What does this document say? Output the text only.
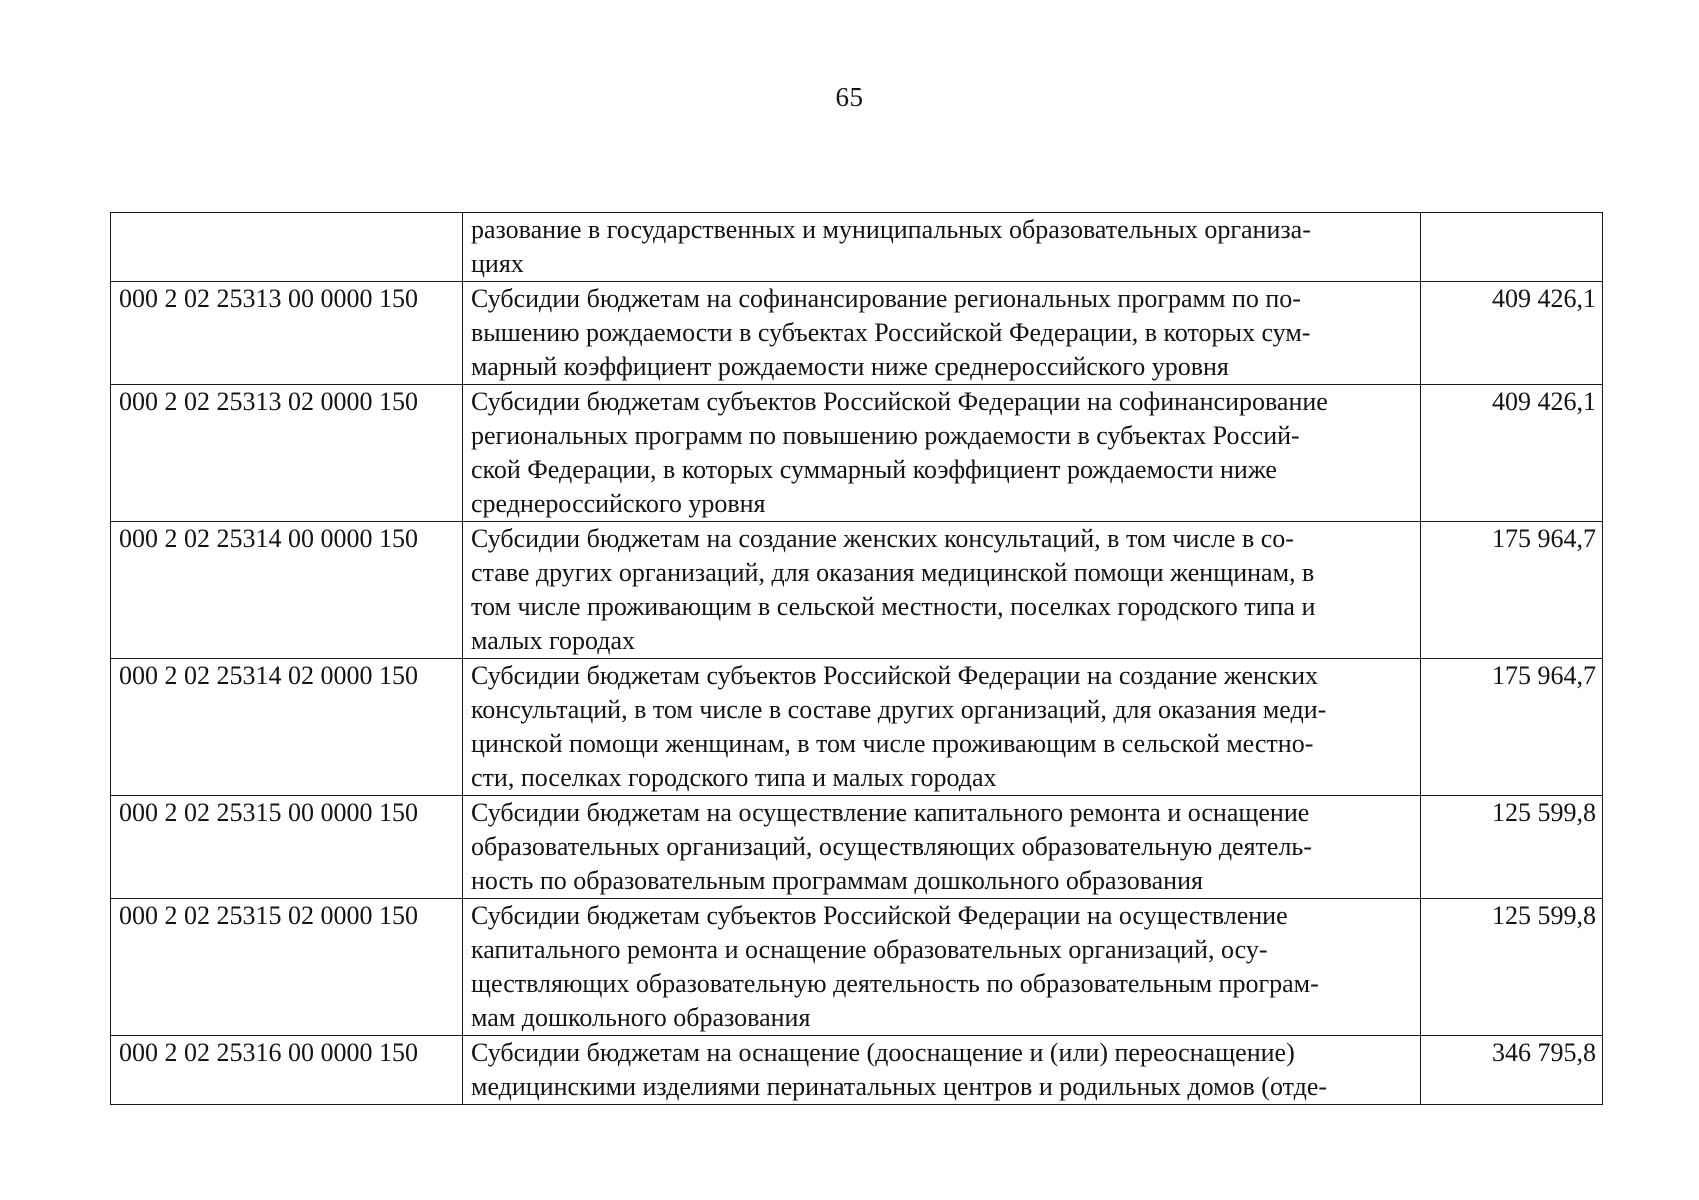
65

	разование в государственных и муниципальных образовательных организа-
циях	

000 2 02 25313 00 0000 150	Субсидии бюджетам на софинансирование региональных программ по по-
вышению рождаемости в субъектах Российской Федерации, в которых сум-
марный коэффициент рождаемости ниже среднероссийского уровня	409 426,1
000 2 02 25313 02 0000 150	Субсидии бюджетам субъектов Российской Федерации на софинансирование
региональных программ по повышению рождаемости в субъектах Россий-
ской Федерации, в которых суммарный коэффициент рождаемости ниже
среднероссийского уровня	409 426,1
000 2 02 25314 00 0000 150	Субсидии бюджетам на создание женских консультаций, в том числе в со-
ставе других организаций, для оказания медицинской помощи женщинам, в
том числе проживающим в сельской местности, поселках городского типа и
малых городах	175 964,7
000 2 02 25314 02 0000 150	Субсидии бюджетам субъектов Российской Федерации на создание женских
консультаций, в том числе в составе других организаций, для оказания меди-
цинской помощи женщинам, в том числе проживающим в сельской местно-
сти, поселках городского типа и малых городах	175 964,7
000 2 02 25315 00 0000 150	Субсидии бюджетам на осуществление капитального ремонта и оснащение
образовательных организаций, осуществляющих образовательную деятель-
ность по образовательным программам дошкольного образования	125 599,8
000 2 02 25315 02 0000 150	Субсидии бюджетам субъектов Российской Федерации на осуществление
капитального ремонта и оснащение образовательных организаций, осу-
ществляющих образовательную деятельность по образовательным програм-
мам дошкольного образования	125 599,8
000 2 02 25316 00 0000 150	Субсидии бюджетам на оснащение (дооснащение и (или) переоснащение)
медицинскими изделиями перинатальных центров и родильных домов (отде-	346 795,8
